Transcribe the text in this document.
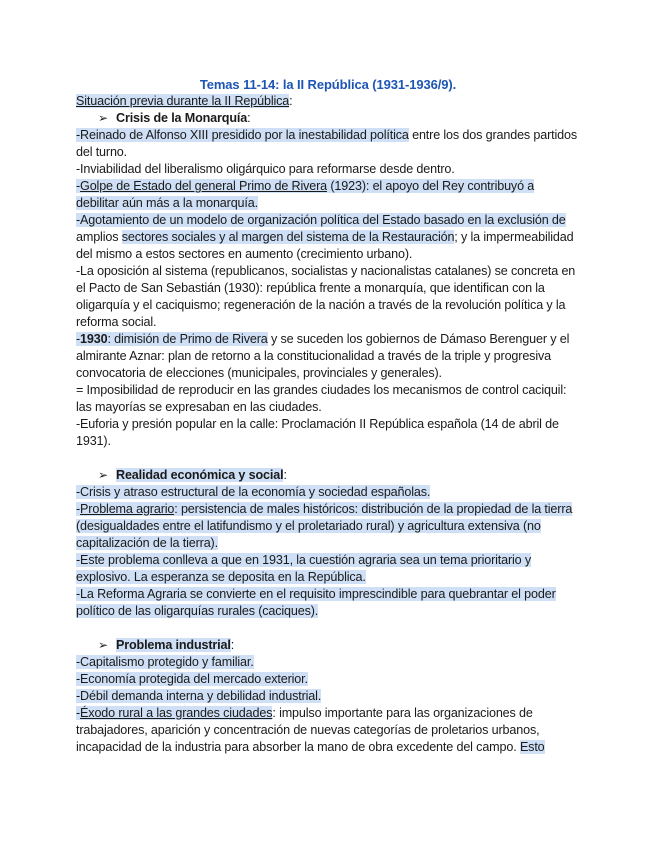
Temas 11-14: la II República (1931-1936/9).

Situación previa durante la II República:

➢ Crisis de la Monarquía:

-Reinado de Alfonso XIII presidido por la inestabilidad política entre los dos grandes partidos del turno.

-Inviabilidad del liberalismo oligárquico para reformarse desde dentro.

-Golpe de Estado del general Primo de Rivera (1923): el apoyo del Rey contribuyó a debilitar aún más a la monarquía.

-Agotamiento de un modelo de organización política del Estado basado en la exclusión de amplios sectores sociales y al margen del sistema de la Restauración; y la impermeabilidad del mismo a estos sectores en aumento (crecimiento urbano).

-La oposición al sistema (republicanos, socialistas y nacionalistas catalanes) se concreta en el Pacto de San Sebastián (1930): república frente a monarquía, que identifican con la oligarquía y el caciquismo; regeneración de la nación a través de la revolución política y la reforma social.

-1930: dimisión de Primo de Rivera y se suceden los gobiernos de Dámaso Berenguer y el almirante Aznar: plan de retorno a la constitucionalidad a través de la triple y progresiva convocatoria de elecciones (municipales, provinciales y generales).

= Imposibilidad de reproducir en las grandes ciudades los mecanismos de control caciquil: las mayorías se expresaban en las ciudades.

-Euforia y presión popular en la calle: Proclamación II República española (14 de abril de 1931).

➢ Realidad económica y social:

-Crisis y atraso estructural de la economía y sociedad españolas.

-Problema agrario: persistencia de males históricos: distribución de la propiedad de la tierra (desigualdades entre el latifundismo y el proletariado rural) y agricultura extensiva (no capitalización de la tierra).

-Este problema conlleva a que en 1931, la cuestión agraria sea un tema prioritario y explosivo. La esperanza se deposita en la República.

-La Reforma Agraria se convierte en el requisito imprescindible para quebrantar el poder político de las oligarquías rurales (caciques).

➢ Problema industrial:

-Capitalismo protegido y familiar.

-Economía protegida del mercado exterior.

-Débil demanda interna y debilidad industrial.

-Éxodo rural a las grandes ciudades: impulso importante para las organizaciones de trabajadores, aparición y concentración de nuevas categorías de proletarios urbanos, incapacidad de la industria para absorber la mano de obra excedente del campo. Esto
